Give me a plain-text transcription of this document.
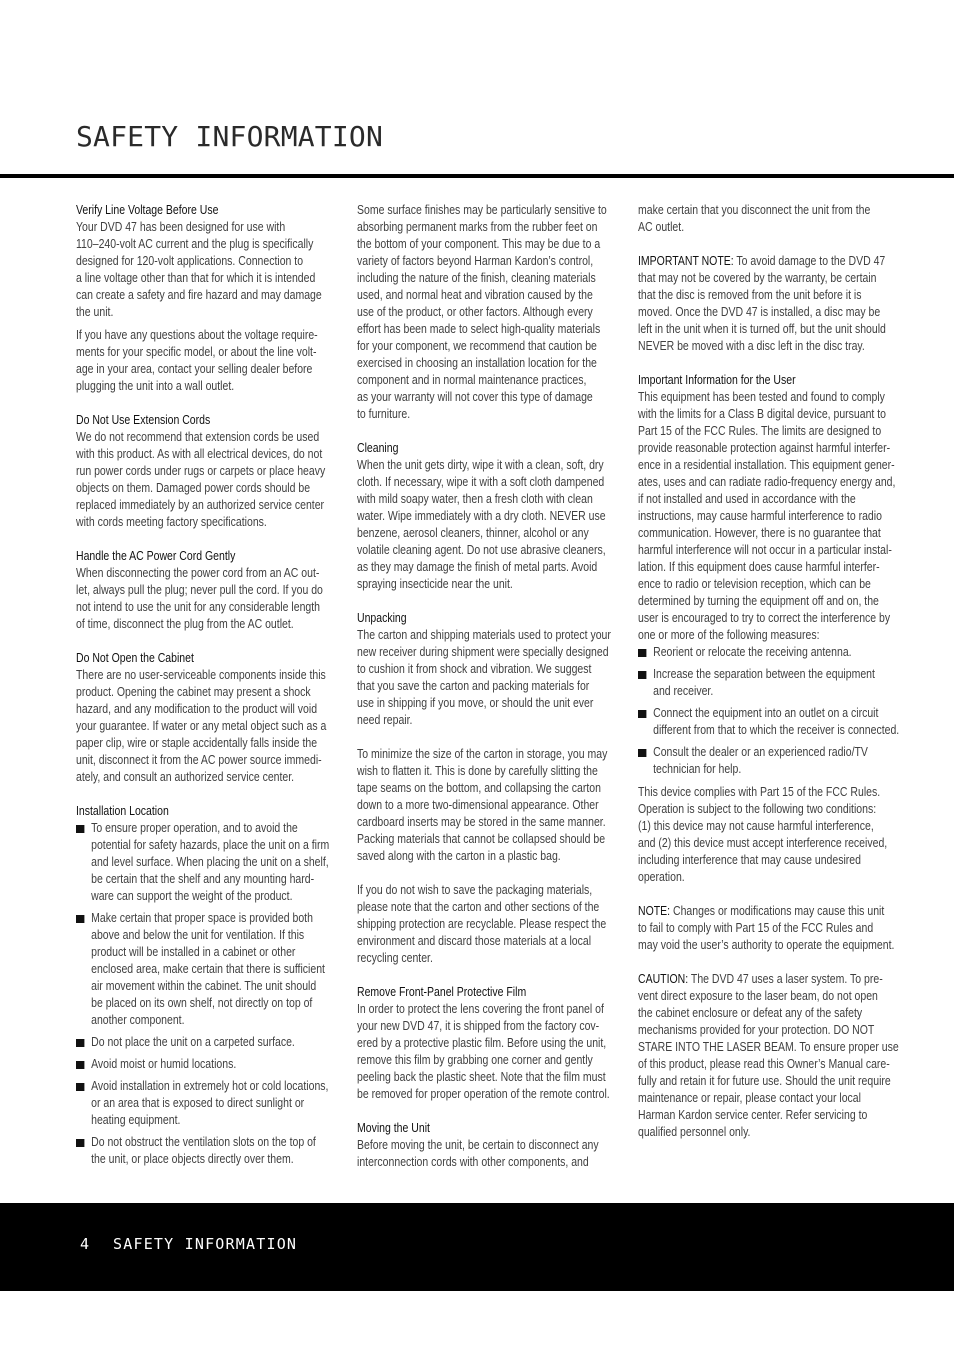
SAFETY INFORMATION
Verify Line Voltage Before Use

Your DVD 47 has been designed for use with
110–240-volt AC current and the plug is specifically
designed for 120-volt applications. Connection to
a line voltage other than that for which it is intended
can create a safety and fire hazard and may damage
the unit.

If you have any questions about the voltage require-
ments for your specific model, or about the line volt-
age in your area, contact your selling dealer before
plugging the unit into a wall outlet.

Do Not Use Extension Cords

We do not recommend that extension cords be used
with this product. As with all electrical devices, do not
run power cords under rugs or carpets or place heavy
objects on them. Damaged power cords should be
replaced immediately by an authorized service center
with cords meeting factory specifications.

Handle the AC Power Cord Gently

When disconnecting the power cord from an AC out-
let, always pull the plug; never pull the cord. If you do
not intend to use the unit for any considerable length
of time, disconnect the plug from the AC outlet.

Do Not Open the Cabinet

There are no user-serviceable components inside this
product. Opening the cabinet may present a shock
hazard, and any modification to the product will void
your guarantee. If water or any metal object such as a
paper clip, wire or staple accidentally falls inside the
unit, disconnect it from the AC power source immedi-
ately, and consult an authorized service center.

Installation Location
To ensure proper operation, and to avoid the
potential for safety hazards, place the unit on a firm
and level surface. When placing the unit on a shelf,
be certain that the shelf and any mounting hard-
ware can support the weight of the product.
Make certain that proper space is provided both
above and below the unit for ventilation. If this
product will be installed in a cabinet or other
enclosed area, make certain that there is sufficient
air movement within the cabinet. The unit should
be placed on its own shelf, not directly on top of
another component.
Do not place the unit on a carpeted surface.
Avoid moist or humid locations.
Avoid installation in extremely hot or cold locations,
or an area that is exposed to direct sunlight or
heating equipment.
Do not obstruct the ventilation slots on the top of
the unit, or place objects directly over them.

Some surface finishes may be particularly sensitive to
absorbing permanent marks from the rubber feet on
the bottom of your component. This may be due to a
variety of factors beyond Harman Kardon’s control,
including the nature of the finish, cleaning materials
used, and normal heat and vibration caused by the
use of the product, or other factors. Although every
effort has been made to select high-quality materials
for your component, we recommend that caution be
exercised in choosing an installation location for the
component and in normal maintenance practices,
as your warranty will not cover this type of damage
to furniture.

Cleaning

When the unit gets dirty, wipe it with a clean, soft, dry
cloth. If necessary, wipe it with a soft cloth dampened
with mild soapy water, then a fresh cloth with clean
water. Wipe immediately with a dry cloth. NEVER use
benzene, aerosol cleaners, thinner, alcohol or any
volatile cleaning agent. Do not use abrasive cleaners,
as they may damage the finish of metal parts. Avoid
spraying insecticide near the unit.

Unpacking

The carton and shipping materials used to protect your
new receiver during shipment were specially designed
to cushion it from shock and vibration. We suggest
that you save the carton and packing materials for
use in shipping if you move, or should the unit ever
need repair.

To minimize the size of the carton in storage, you may
wish to flatten it. This is done by carefully slitting the
tape seams on the bottom, and collapsing the carton
down to a more two-dimensional appearance. Other
cardboard inserts may be stored in the same manner.
Packing materials that cannot be collapsed should be
saved along with the carton in a plastic bag.

If you do not wish to save the packaging materials,
please note that the carton and other sections of the
shipping protection are recyclable. Please respect the
environment and discard those materials at a local
recycling center.

Remove Front-Panel Protective Film

In order to protect the lens covering the front panel of
your new DVD 47, it is shipped from the factory cov-
ered by a protective plastic film. Before using the unit,
remove this film by grabbing one corner and gently
peeling back the plastic sheet. Note that the film must
be removed for proper operation of the remote control.

Moving the Unit

Before moving the unit, be certain to disconnect any
interconnection cords with other components, and

make certain that you disconnect the unit from the
AC outlet.

IMPORTANT NOTE: To avoid damage to the DVD 47
that may not be covered by the warranty, be certain
that the disc is removed from the unit before it is
moved. Once the DVD 47 is installed, a disc may be
left in the unit when it is turned off, but the unit should
NEVER be moved with a disc left in the disc tray.

Important Information for the User

This equipment has been tested and found to comply
with the limits for a Class B digital device, pursuant to
Part 15 of the FCC Rules. The limits are designed to
provide reasonable protection against harmful interfer-
ence in a residential installation. This equipment gener-
ates, uses and can radiate radio-frequency energy and,
if not installed and used in accordance with the
instructions, may cause harmful interference to radio
communication. However, there is no guarantee that
harmful interference will not occur in a particular instal-
lation. If this equipment does cause harmful interfer-
ence to radio or television reception, which can be
determined by turning the equipment off and on, the
user is encouraged to try to correct the interference by
one or more of the following measures:

Reorient or relocate the receiving antenna.
Increase the separation between the equipment
and receiver.
Connect the equipment into an outlet on a circuit
different from that to which the receiver is connected.
Consult the dealer or an experienced radio/TV
technician for help.

This device complies with Part 15 of the FCC Rules.
Operation is subject to the following two conditions:
(1) this device may not cause harmful interference,
and (2) this device must accept interference received,
including interference that may cause undesired
operation.

NOTE: Changes or modifications may cause this unit
to fail to comply with Part 15 of the FCC Rules and
may void the user’s authority to operate the equipment.

CAUTION: The DVD 47 uses a laser system. To pre-
vent direct exposure to the laser beam, do not open
the cabinet enclosure or defeat any of the safety
mechanisms provided for your protection. DO NOT
STARE INTO THE LASER BEAM. To ensure proper use
of this product, please read this Owner’s Manual care-
fully and retain it for future use. Should the unit require
maintenance or repair, please contact your local
Harman Kardon service center. Refer servicing to
qualified personnel only.

4 SAFETY INFORMATION
